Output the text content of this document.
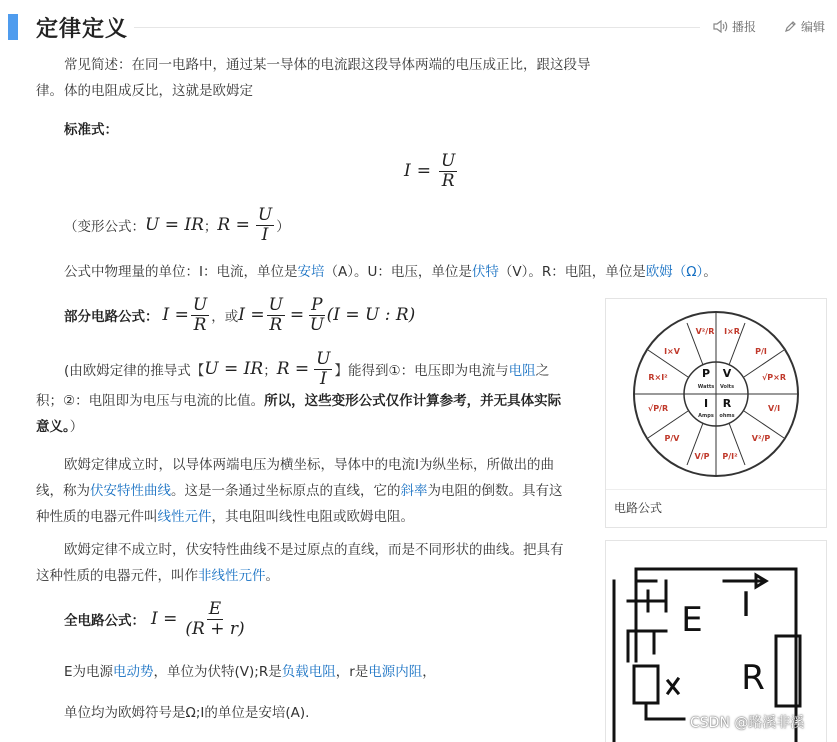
定律定义	播报	编辑
常见简述：在同一电路中，通过某一导体的电流跟这段导体两端的电压成正比，跟这段导体的电阻成反比，这就是欧姆定
律。
标准式：
$I = \frac{U}{R}$
（变形公式： U = IR ； $R = \frac{U}{I}$ ）
公式中物理量的单位：I：电流，单位是安培（A）。U：电压，单位是伏特（V）。R：电阻，单位是欧姆（Ω）。
部分电路公式： $I = \frac{U}{R}$ ，或 $I = \frac{U}{R} = \frac{P}{U} (I = U$ : R)
(由欧姆定律的推导式【 U = IR ； $R = \frac{U}{I}$ 】能得到①：电压即为电流与 电阻 之
积；②：电阻即为电压与电流的比值。所以，这些变形公式仅作计算参考，并无具体实际
意义。）
欧姆定律成立时，以导体两端电压为横坐标，导体中的电流I为纵坐标，所做出的曲
线，称为伏安特性曲线。这是一条通过坐标原点的直线，它的斜率为电阻的倒数。具有这
种性质的电器元件叫线性元件，其电阻叫线性电阻或欧姆电阻。
欧姆定律不成立时，伏安特性曲线不是过原点的直线，而是不同形状的曲线。把具有
这种性质的电器元件，叫作非线性元件。
全电路公式： $I = \frac{E}{(R + r)}$
E为电源电动势，单位为伏特(V);R是负载电阻，r是电源内阻，
单位均为欧姆符号是Ω;I的单位是安培(A).
P
Watts
V
Volts
I
Amps
R
ohms
V²/R I×R
P/I
√P×R
V/I
V²/P
P/I²
V/P
P/V
√P/R
R×I²
I×V
电路公式
E I
R
CSDN @路溪非溪
